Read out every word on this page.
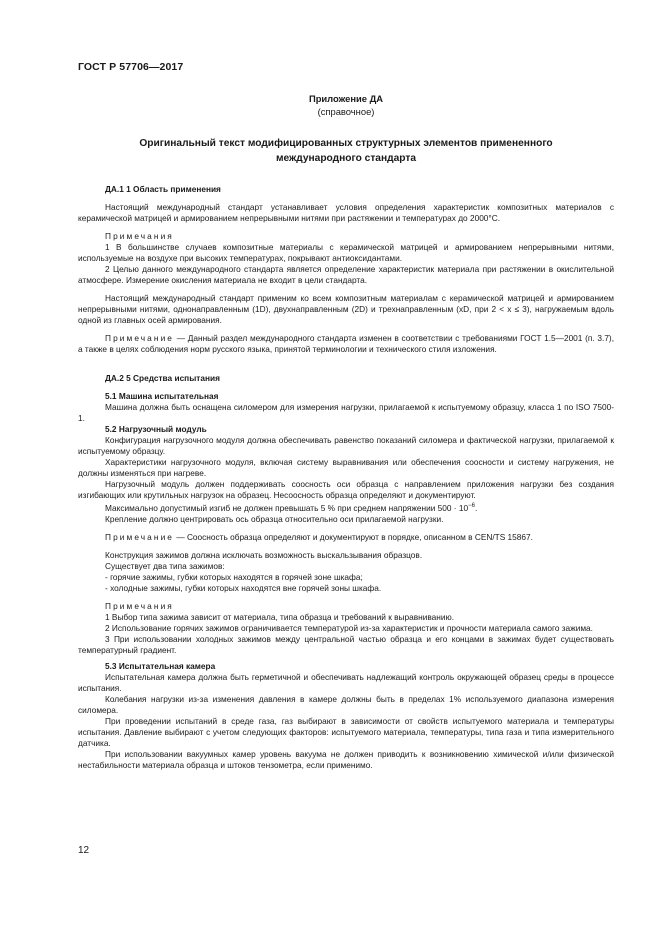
ГОСТ Р 57706—2017
Приложение ДА
(справочное)
Оригинальный текст модифицированных структурных элементов примененного
международного стандарта

ДА.1 1 Область применения

Настоящий международный стандарт устанавливает условия определения характеристик композитных материалов с керамической матрицей и армированием непрерывными нитями при растяжении и температурах до 2000°С.

Примечания

1 В большинстве случаев композитные материалы с керамической матрицей и армированием непрерывными нитями, используемые на воздухе при высоких температурах, покрывают антиоксидантами.

2 Целью данного международного стандарта является определение характеристик материала при растяжении в окислительной атмосфере. Измерение окисления материала не входит в цели стандарта.

Настоящий международный стандарт применим ко всем композитным материалам с керамической матрицей и армированием непрерывными нитями, однонаправленным (1D), двухнаправленным (2D) и трехнаправленным (xD, при 2 < x ≤ 3), нагружаемым вдоль одной из главных осей армирования.

Примечание — Данный раздел международного стандарта изменен в соответствии с требованиями ГОСТ 1.5—2001 (п. 3.7), а также в целях соблюдения норм русского языка, принятой терминологии и технического стиля изложения.

ДА.2 5 Средства испытания

5.1 Машина испытательная

Машина должна быть оснащена силомером для измерения нагрузки, прилагаемой к испытуемому образцу, класса 1 по ISO 7500-1.

5.2 Нагрузочный модуль

Конфигурация нагрузочного модуля должна обеспечивать равенство показаний силомера и фактической нагрузки, прилагаемой к испытуемому образцу.

Характеристики нагрузочного модуля, включая систему выравнивания или обеспечения соосности и систему нагружения, не должны изменяться при нагреве.

Нагрузочный модуль должен поддерживать соосность оси образца с направлением приложения нагрузки без создания изгибающих или крутильных нагрузок на образец. Несоосность образца определяют и документируют.

Максимально допустимый изгиб не должен превышать 5 % при среднем напряжении $500 \cdot 10^{-6}$.

Крепление должно центрировать ось образца относительно оси прилагаемой нагрузки.

Примечание — Соосность образца определяют и документируют в порядке, описанном в CEN/TS 15867.

Конструкция зажимов должна исключать возможность выскальзывания образцов.

Существует два типа зажимов:

- горячие зажимы, губки которых находятся в горячей зоне шкафа;

- холодные зажимы, губки которых находятся вне горячей зоны шкафа.

Примечания

1 Выбор типа зажима зависит от материала, типа образца и требований к выравниванию.

2 Использование горячих зажимов ограничивается температурой из-за характеристик и прочности материала самого зажима.

3 При использовании холодных зажимов между центральной частью образца и его концами в зажимах будет существовать температурный градиент.

5.3 Испытательная камера

Испытательная камера должна быть герметичной и обеспечивать надлежащий контроль окружающей образец среды в процессе испытания.

Колебания нагрузки из-за изменения давления в камере должны быть в пределах 1% используемого диапазона измерения силомера.

При проведении испытаний в среде газа, газ выбирают в зависимости от свойств испытуемого материала и температуры испытания. Давление выбирают с учетом следующих факторов: испытуемого материала, температуры, типа газа и типа измерительного датчика.

При использовании вакуумных камер уровень вакуума не должен приводить к возникновению химической и/или физической нестабильности материала образца и штоков тензометра, если применимо.

12
